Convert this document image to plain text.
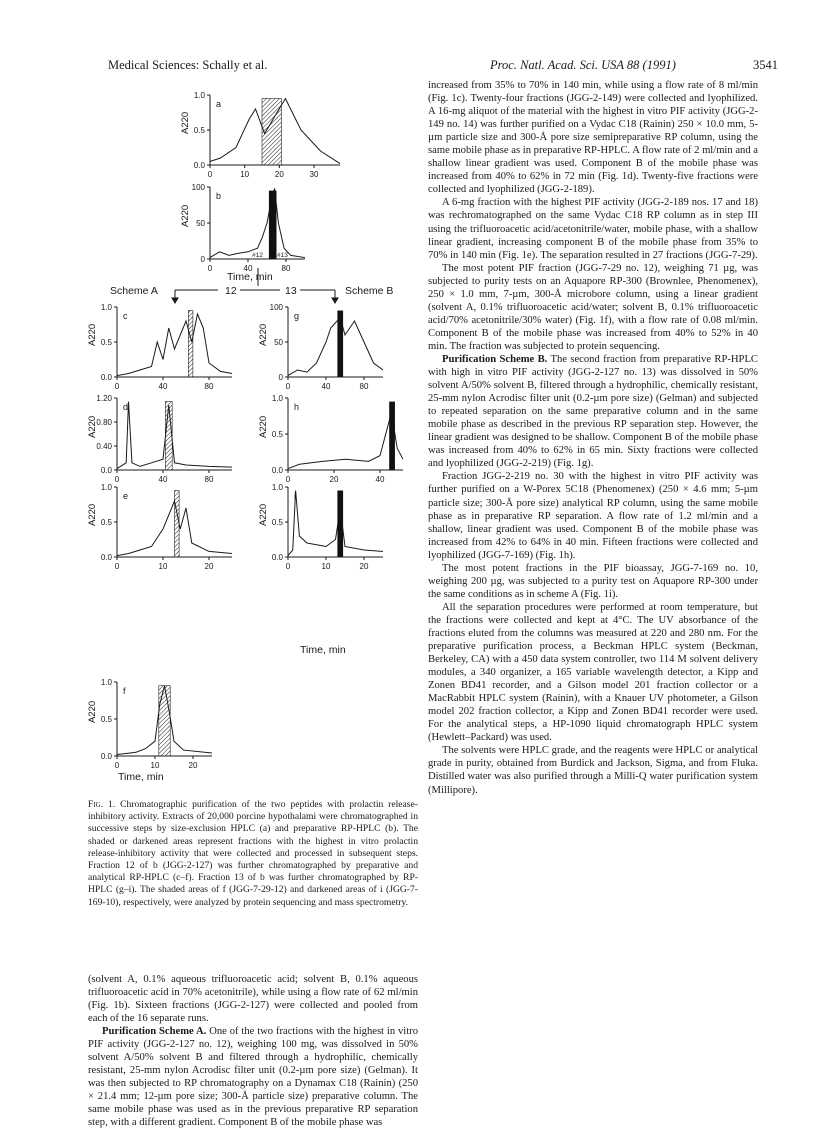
Medical Sciences: Schally et al.	Proc. Natl. Acad. Sci. USA 88 (1991)	3541
a
A220
1.0
0.5
0.0
0	10	20	30
b
A220
100
50
0
0	40	80
c
A220
1.0
0.5
0.0
0	40	80
g
A220
100
50
0
0	40	80
d
A220
1.20
0.80
0.40
0.0
0	40	80
h
A220
1.0
0.5
0.0
0	20	40
e
A220
1.0
0.5
0.0
0	10	20
i
A220
1.0
0.5
0.0
0	10	20
f
A220
1.0
0.5
0.0
0	10	20
Scheme A	Scheme B
12	13
#12 #13
Time, min
Time, min
Time, min
Fig. 1. Chromatographic purification of the two peptides with prolactin release-inhibitory activity. Extracts of 20,000 porcine hypothalami were chromatographed in successive steps by size-exclusion HPLC (a) and preparative RP-HPLC (b). The shaded or darkened areas represent fractions with the highest in vitro prolactin release-inhibitory activity that were collected and processed in subsequent steps. Fraction 12 of b (JGG-2-127) was further chromatographed by preparative and analytical RP-HPLC (c–f). Fraction 13 of b was further chromatographed by RP-HPLC (g–i). The shaded areas of f (JGG-7-29-12) and darkened areas of i (JGG-7-169-10), respectively, were analyzed by protein sequencing and mass spectrometry.

(solvent A, 0.1% aqueous trifluoroacetic acid; solvent B, 0.1% aqueous trifluoroacetic acid in 70% acetonitrile), while using a flow rate of 62 ml/min (Fig. 1b). Sixteen fractions (JGG-2-127) were collected and pooled from each of the 16 separate runs.

Purification Scheme A. One of the two fractions with the highest in vitro PIF activity (JGG-2-127 no. 12), weighing 100 mg, was dissolved in 50% solvent A/50% solvent B and filtered through a hydrophilic, chemically resistant, 25-mm nylon Acrodisc filter unit (0.2-µm pore size) (Gelman). It was then subjected to RP chromatography on a Dynamax C18 (Rainin) (250 × 21.4 mm; 12-µm pore size; 300-Å particle size) preparative column. The same mobile phase was used as in the previous preparative RP separation step, with a different gradient. Component B of the mobile phase was

increased from 35% to 70% in 140 min, while using a flow rate of 8 ml/min (Fig. 1c). Twenty-four fractions (JGG-2-149) were collected and lyophilized. A 16-mg aliquot of the material with the highest in vitro PIF activity (JGG-2-149 no. 14) was further purified on a Vydac C18 (Rainin) 250 × 10.0 mm, 5-µm particle size and 300-Å pore size semipreparative RP column, using the same mobile phase as in preparative RP-HPLC. A flow rate of 2 ml/min and a shallow linear gradient was used. Component B of the mobile phase was increased from 40% to 62% in 72 min (Fig. 1d). Twenty-five fractions were collected and lyophilized (JGG-2-189).

A 6-mg fraction with the highest PIF activity (JGG-2-189 nos. 17 and 18) was rechromatographed on the same Vydac C18 RP column as in step III using the trifluoroacetic acid/acetonitrile/water, mobile phase, with a shallow linear gradient, increasing component B of the mobile phase from 35% to 70% in 140 min (Fig. 1e). The separation resulted in 27 fractions (JGG-7-29).

The most potent PIF fraction (JGG-7-29 no. 12), weighing 71 µg, was subjected to purity tests on an Aquapore RP-300 (Brownlee, Phenomenex), 250 × 1.0 mm, 7-µm, 300-Å microbore column, using a linear gradient (solvent A, 0.1% trifluoroacetic acid/water; solvent B, 0.1% trifluoroacetic acid/70% acetonitrile/30% water) (Fig. 1f), with a flow rate of 0.08 ml/min. Component B of the mobile phase was increased from 40% to 52% in 40 min. The fraction was subjected to protein sequencing.

Purification Scheme B. The second fraction from preparative RP-HPLC with high in vitro PIF activity (JGG-2-127 no. 13) was dissolved in 50% solvent A/50% solvent B, filtered through a hydrophilic, chemically resistant, 25-mm nylon Acrodisc filter unit (0.2-µm pore size) (Gelman) and subjected to repeated separation on the same preparative column and in the same mobile phase as described in the previous RP separation step. However, the linear gradient was designed to be shallow. Component B of the mobile phase was increased from 40% to 62% in 65 min. Sixty fractions were collected and lyophilized (JGG-2-219) (Fig. 1g).

Fraction JGG-2-219 no. 30 with the highest in vitro PIF activity was further purified on a W-Porex 5C18 (Phenomenex) (250 × 4.6 mm; 5-µm particle size; 300-Å pore size) analytical RP column, using the same mobile phase as in preparative RP separation. A flow rate of 1.2 ml/min and a shallow, linear gradient was used. Component B of the mobile phase was increased from 42% to 64% in 40 min. Fifteen fractions were collected and lyophilized (JGG-7-169) (Fig. 1h).

The most potent fractions in the PIF bioassay, JGG-7-169 no. 10, weighing 200 µg, was subjected to a purity test on Aquapore RP-300 under the same conditions as in scheme A (Fig. 1i).

All the separation procedures were performed at room temperature, but the fractions were collected and kept at 4°C. The UV absorbance of the fractions eluted from the columns was measured at 220 and 280 nm. For the preparative purification process, a Beckman HPLC system (Beckman, Berkeley, CA) with a 450 data system controller, two 114 M solvent delivery modules, a 340 organizer, a 165 variable wavelength detector, a Kipp and Zonen BD41 recorder, and a Gilson model 201 fraction collector or a MacRabbit HPLC system (Rainin), with a Knauer UV photometer, a Gilson model 202 fraction collector, a Kipp and Zonen BD41 recorder were used. For the analytical steps, a HP-1090 liquid chromatograph HPLC system (Hewlett–Packard) was used.

The solvents were HPLC grade, and the reagents were HPLC or analytical grade in purity, obtained from Burdick and Jackson, Sigma, and from Fluka. Distilled water was also purified through a Milli-Q water purification system (Millipore).
